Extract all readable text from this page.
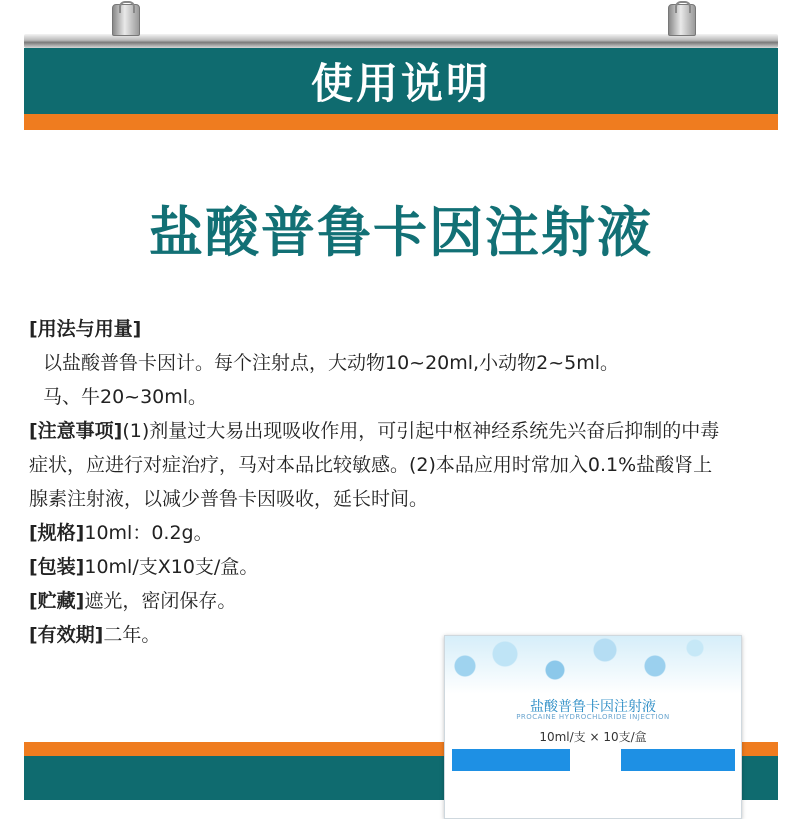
使用说明
盐酸普鲁卡因注射液

[用法与用量]

以盐酸普鲁卡因计。每个注射点，大动物10~20ml,小动物2~5ml。

马、牛20~30ml。

[注意事项](1)剂量过大易出现吸收作用，可引起中枢神经系统先兴奋后抑制的中毒

症状，应进行对症治疗，马对本品比较敏感。(2)本品应用时常加入0.1%盐酸肾上

腺素注射液，以减少普鲁卡因吸收，延长时间。

[规格]10ml：0.2g。

[包装]10ml/支X10支/盒。

[贮藏]遮光，密闭保存。

[有效期]二年。

盐酸普鲁卡因注射液
PROCAINE HYDROCHLORIDE INJECTION
10ml/支 × 10支/盒
